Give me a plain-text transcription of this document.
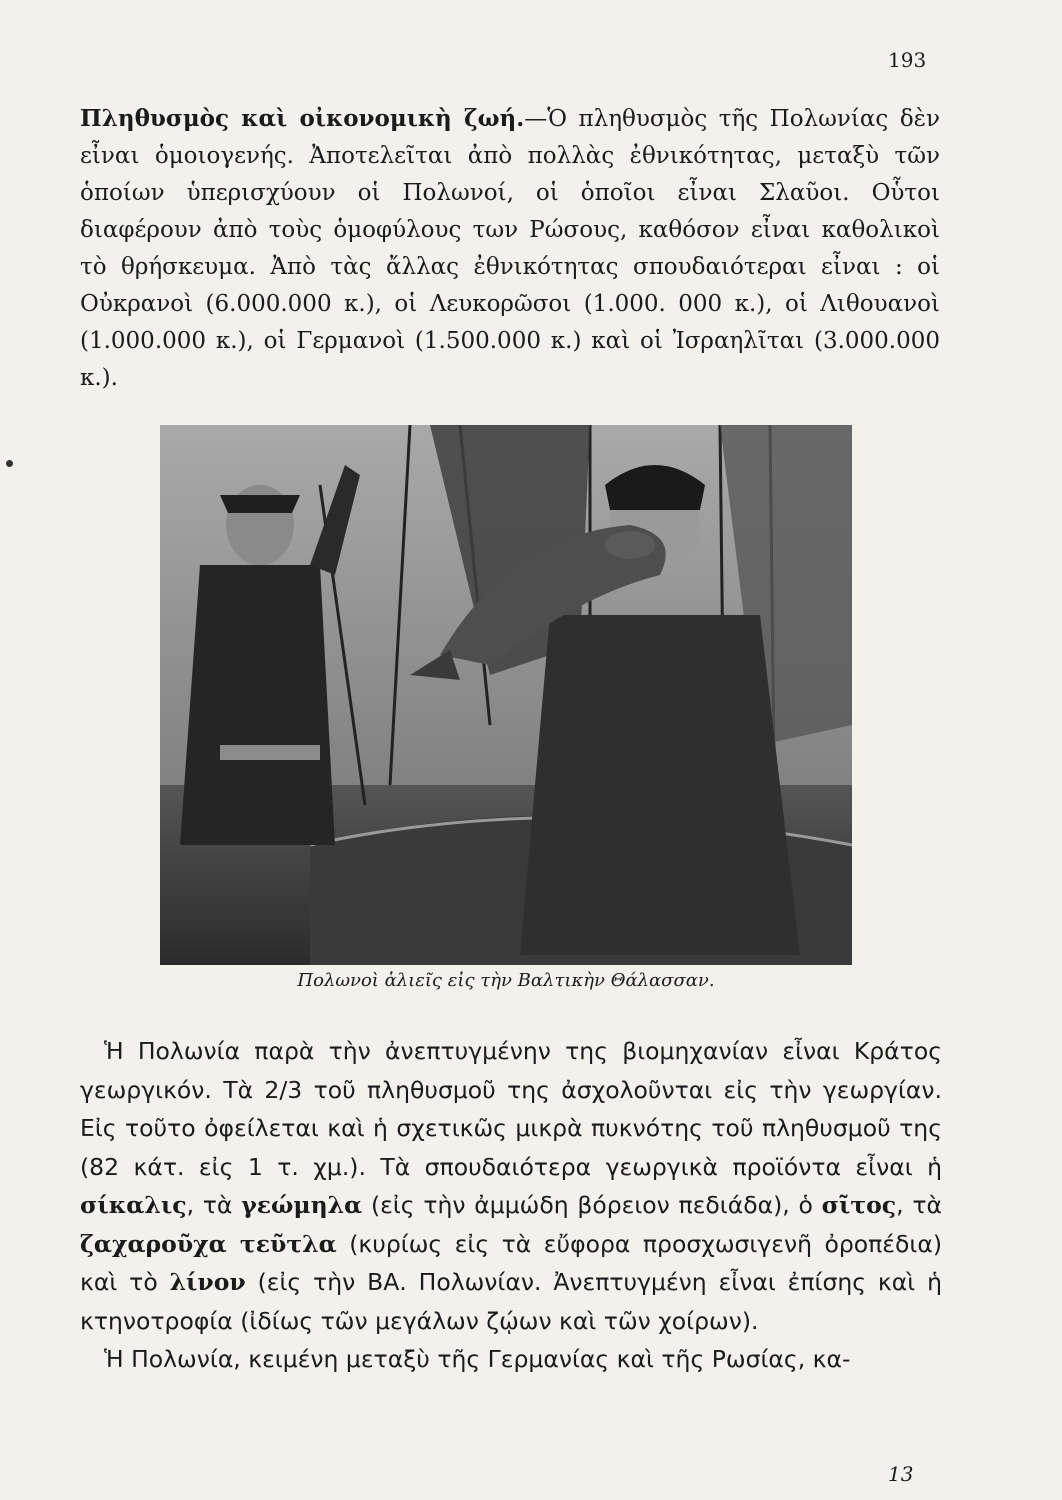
193

Πληθυσμὸς καὶ οἰκονομικὴ ζωή.—Ὁ πληθυσμὸς τῆς Πολωνίας δὲν εἶναι ὁμοιογενής. Ἀποτελεῖται ἀπὸ πολλὰς ἐθνικότητας, μεταξὺ τῶν ὁποίων ὑπερισχύουν οἱ Πολωνοί, οἱ ὁποῖοι εἶναι Σλαῦοι. Οὗτοι διαφέρουν ἀπὸ τοὺς ὁμοφύλους των Ρώσους, καθόσον εἶναι καθολικοὶ τὸ θρήσκευμα. Ἀπὸ τὰς ἄλλας ἐθνικότητας σπουδαιότεραι εἶναι : οἱ Οὐκρανοὶ (6.000.000 κ.), οἱ Λευκορῶσοι (1.000. 000 κ.), οἱ Λιθουανοὶ (1.000.000 κ.), οἱ Γερμανοὶ (1.500.000 κ.) καὶ οἱ Ἰσραηλῖται (3.000.000 κ.).

Πολωνοὶ ἁλιεῖς εἰς τὴν Βαλτικὴν Θάλασσαν.

Ἡ Πολωνία παρὰ τὴν ἀνεπτυγμένην της βιομηχανίαν εἶναι Κράτος γεωργικόν. Τὰ 2/3 τοῦ πληθυσμοῦ της ἀσχολοῦνται εἰς τὴν γεωργίαν. Εἰς τοῦτο ὀφείλεται καὶ ἡ σχετικῶς μικρὰ πυκνότης τοῦ πληθυσμοῦ της (82 κάτ. εἰς 1 τ. χμ.). Τὰ σπουδαιότερα γεωργικὰ προϊόντα εἶναι ἡ σίκαλις, τὰ γεώμηλα (εἰς τὴν ἀμμώδη βόρειον πεδιάδα), ὁ σῖτος, τὰ ζαχαροῦχα τεῦτλα (κυρίως εἰς τὰ εὔφορα προσχωσιγενῆ ὀροπέδια) καὶ τὸ λίνον (εἰς τὴν ΒΑ. Πολωνίαν. Ἀνεπτυγμένη εἶναι ἐπίσης καὶ ἡ κτηνοτροφία (ἰδίως τῶν μεγάλων ζῴων καὶ τῶν χοίρων).
Ἡ Πολωνία, κειμένη μεταξὺ τῆς Γερμανίας καὶ τῆς Ρωσίας, κα-

13
